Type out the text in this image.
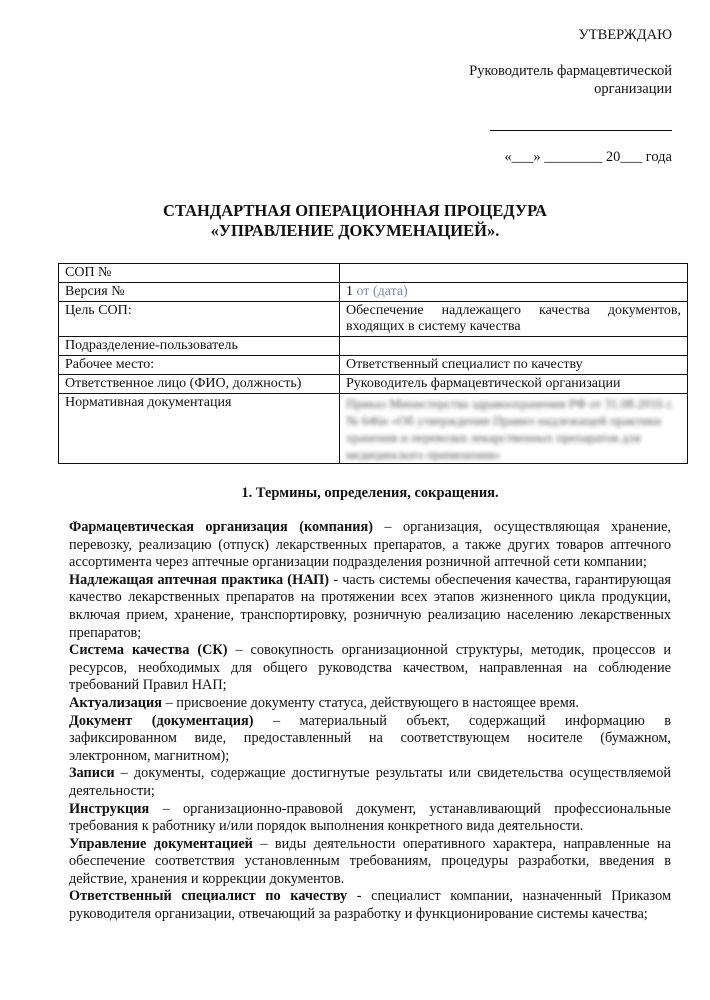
УТВЕРЖДАЮ
Руководитель фармацевтической
организации
«___» ________ 20___ года
СТАНДАРТНАЯ ОПЕРАЦИОННАЯ ПРОЦЕДУРА
«УПРАВЛЕНИЕ ДОКУМЕНАЦИЕЙ».
СОП №	
Версия №	1 от (дата)
Цель СОП:	Обеспечение надлежащего качества документов, входящих в систему качества
Подразделение-пользователь	
Рабочее место:	Ответственный специалист по качеству
Ответственное лицо (ФИО, должность)	Руководитель фармацевтической организации
Нормативная документация	Приказ Министерства здравоохранения РФ от 31.08.2016 г. № 646н «Об утверждении Правил надлежащей практики хранения и перевозки лекарственных препаратов для медицинского применения»
1. Термины, определения, сокращения.

Фармацевтическая организация (компания) – организация, осуществляющая хранение, перевозку, реализацию (отпуск) лекарственных препаратов, а также других товаров аптечного ассортимента через аптечные организации подразделения розничной аптечной сети компании;

Надлежащая аптечная практика (НАП) - часть системы обеспечения качества, гарантирующая качество лекарственных препаратов на протяжении всех этапов жизненного цикла продукции, включая прием, хранение, транспортировку, розничную реализацию населению лекарственных препаратов;

Система качества (СК) – совокупность организационной структуры, методик, процессов и ресурсов, необходимых для общего руководства качеством, направленная на соблюдение требований Правил НАП;

Актуализация – присвоение документу статуса, действующего в настоящее время.

Документ (документация) – материальный объект, содержащий информацию в зафиксированном виде, предоставленный на соответствующем носителе (бумажном, электронном, магнитном);

Записи – документы, содержащие достигнутые результаты или свидетельства осуществляемой деятельности;

Инструкция – организационно-правовой документ, устанавливающий профессиональные требования к работнику и/или порядок выполнения конкретного вида деятельности.

Управление документацией – виды деятельности оперативного характера, направленные на обеспечение соответствия установленным требованиям, процедуры разработки, введения в действие, хранения и коррекции документов.

Ответственный специалист по качеству - специалист компании, назначенный Приказом руководителя организации, отвечающий за разработку и функционирование системы качества;
